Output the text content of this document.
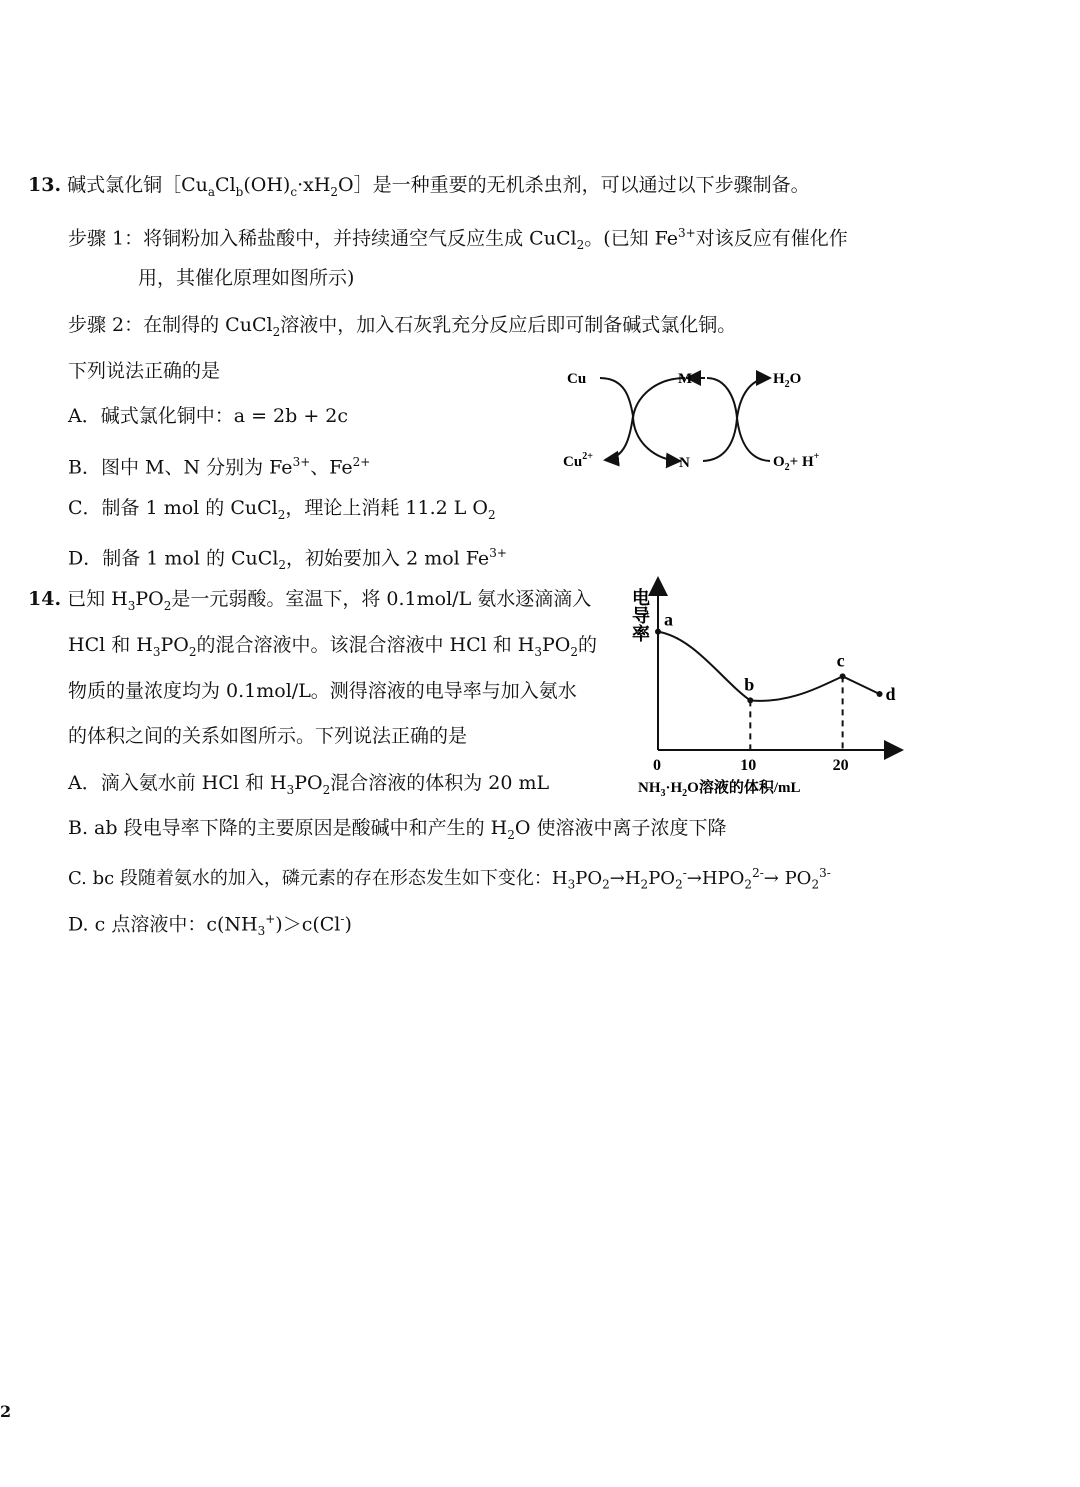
13. 碱式氯化铜$[Cu_aCl_b(OH)_c\cdot xH_2O]$是一种重要的无机杀虫剂，可以通过以下步骤制备。
步骤 1：将铜粉加入稀盐酸中，并持续通空气反应生成 CuCl$_2$。(已知 $Fe^{3+}$对该反应有催化作
用，其催化原理如图所示)
步骤 2：在制得的 CuCl$_2$溶液中，加入石灰乳充分反应后即可制备碱式氯化铜。
下列说法正确的是
A．碱式氯化铜中：a = 2b + 2c
B．图中 M、N 分别为 $Fe^{3+}$、$Fe^{2+}$
C．制备 1 mol 的 CuCl$_2$，理论上消耗 11.2 L $O_2$
D．制备 1 mol 的 CuCl$_2$，初始要加入 2 mol $Fe^{3+}$
Cu
$Cu^{2+}$
M
N
$H_2O$
$O_2+ H^+$
14. 已知 $H_3PO_2$是一元弱酸。室温下，将 0.1mol/L 氨水逐滴滴入
HCl 和 $H_3PO_2$的混合溶液中。该混合溶液中 HCl 和 $H_3PO_2$的
物质的量浓度均为 0.1mol/L。测得溶液的电导率与加入氨水
的体积之间的关系如图所示。下列说法正确的是
A．滴入氨水前 HCl 和 $H_3PO_2$混合溶液的体积为 20 mL
B. ab 段电导率下降的主要原因是酸碱中和产生的 $H_2O$ 使溶液中离子浓度下降
C. bc 段随着氨水的加入，磷元素的存在形态发生如下变化：$H_3PO_2\to H_2PO_2^-\to HPO_2^{2-}\to PO_2^{3-}$
D. c 点溶液中：$c(NH_3^+)>c(Cl^-)$
电
导
率
a
b
c
d
0	10	20
$NH_3\cdot H_2O$溶液的体积/mL
2
